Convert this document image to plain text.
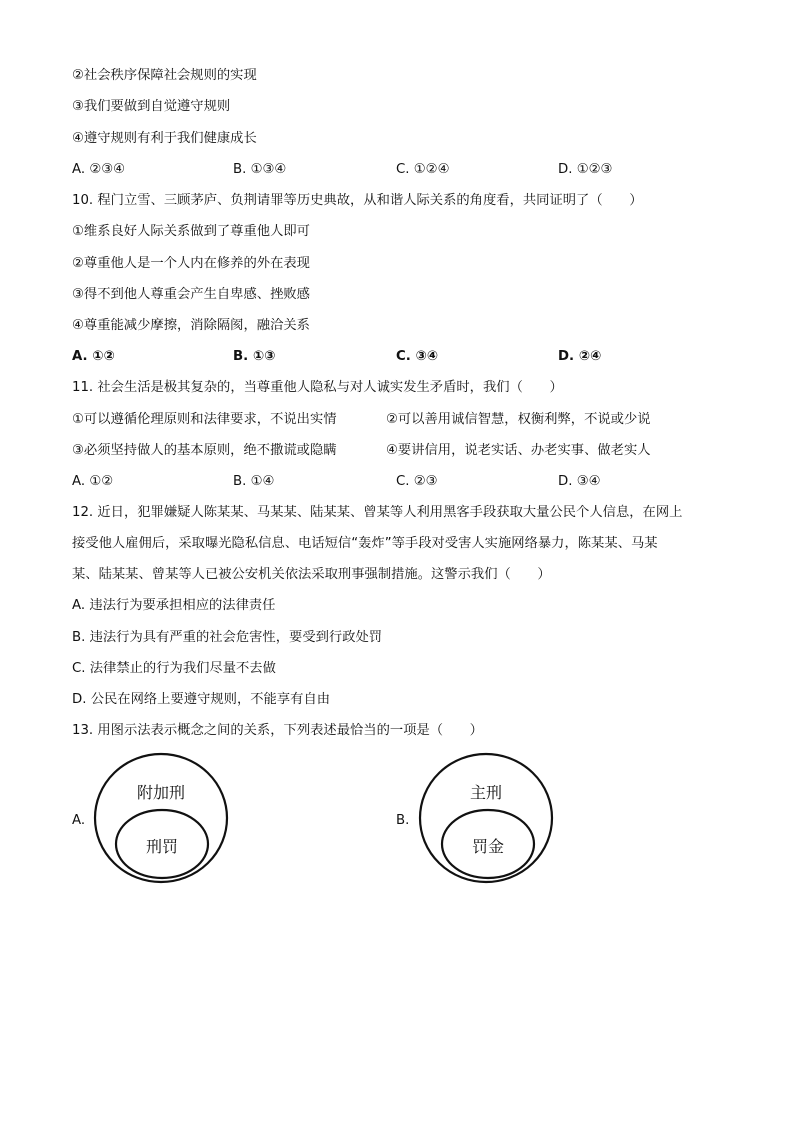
②社会秩序保障社会规则的实现
③我们要做到自觉遵守规则
④遵守规则有利于我们健康成长
A. ②③④	B. ①③④	C. ①②④	D. ①②③
10. 程门立雪、三顾茅庐、负荆请罪等历史典故，从和谐人际关系的角度看，共同证明了（　　）
①维系良好人际关系做到了尊重他人即可
②尊重他人是一个人内在修养的外在表现
③得不到他人尊重会产生自卑感、挫败感
④尊重能减少摩擦，消除隔阂，融洽关系
A. ①②	B. ①③	C. ③④	D. ②④
11. 社会生活是极其复杂的，当尊重他人隐私与对人诚实发生矛盾时，我们（　　）
①可以遵循伦理原则和法律要求，不说出实情	②可以善用诚信智慧，权衡利弊，不说或少说
③必须坚持做人的基本原则，绝不撒谎或隐瞒	④要讲信用，说老实话、办老实事、做老实人
A. ①②	B. ①④	C. ②③	D. ③④
12. 近日，犯罪嫌疑人陈某某、马某某、陆某某、曾某等人利用黑客手段获取大量公民个人信息，在网上
接受他人雇佣后，采取曝光隐私信息、电话短信“轰炸”等手段对受害人实施网络暴力，陈某某、马某
某、陆某某、曾某等人已被公安机关依法采取刑事强制措施。这警示我们（　　）
A. 违法行为要承担相应的法律责任
B. 违法行为具有严重的社会危害性，要受到行政处罚
C. 法律禁止的行为我们尽量不去做
D. 公民在网络上要遵守规则，不能享有自由
13. 用图示法表示概念之间的关系，下列表述最恰当的一项是（　　）
A.
附加刑
刑罚
B.
主刑
罚金
